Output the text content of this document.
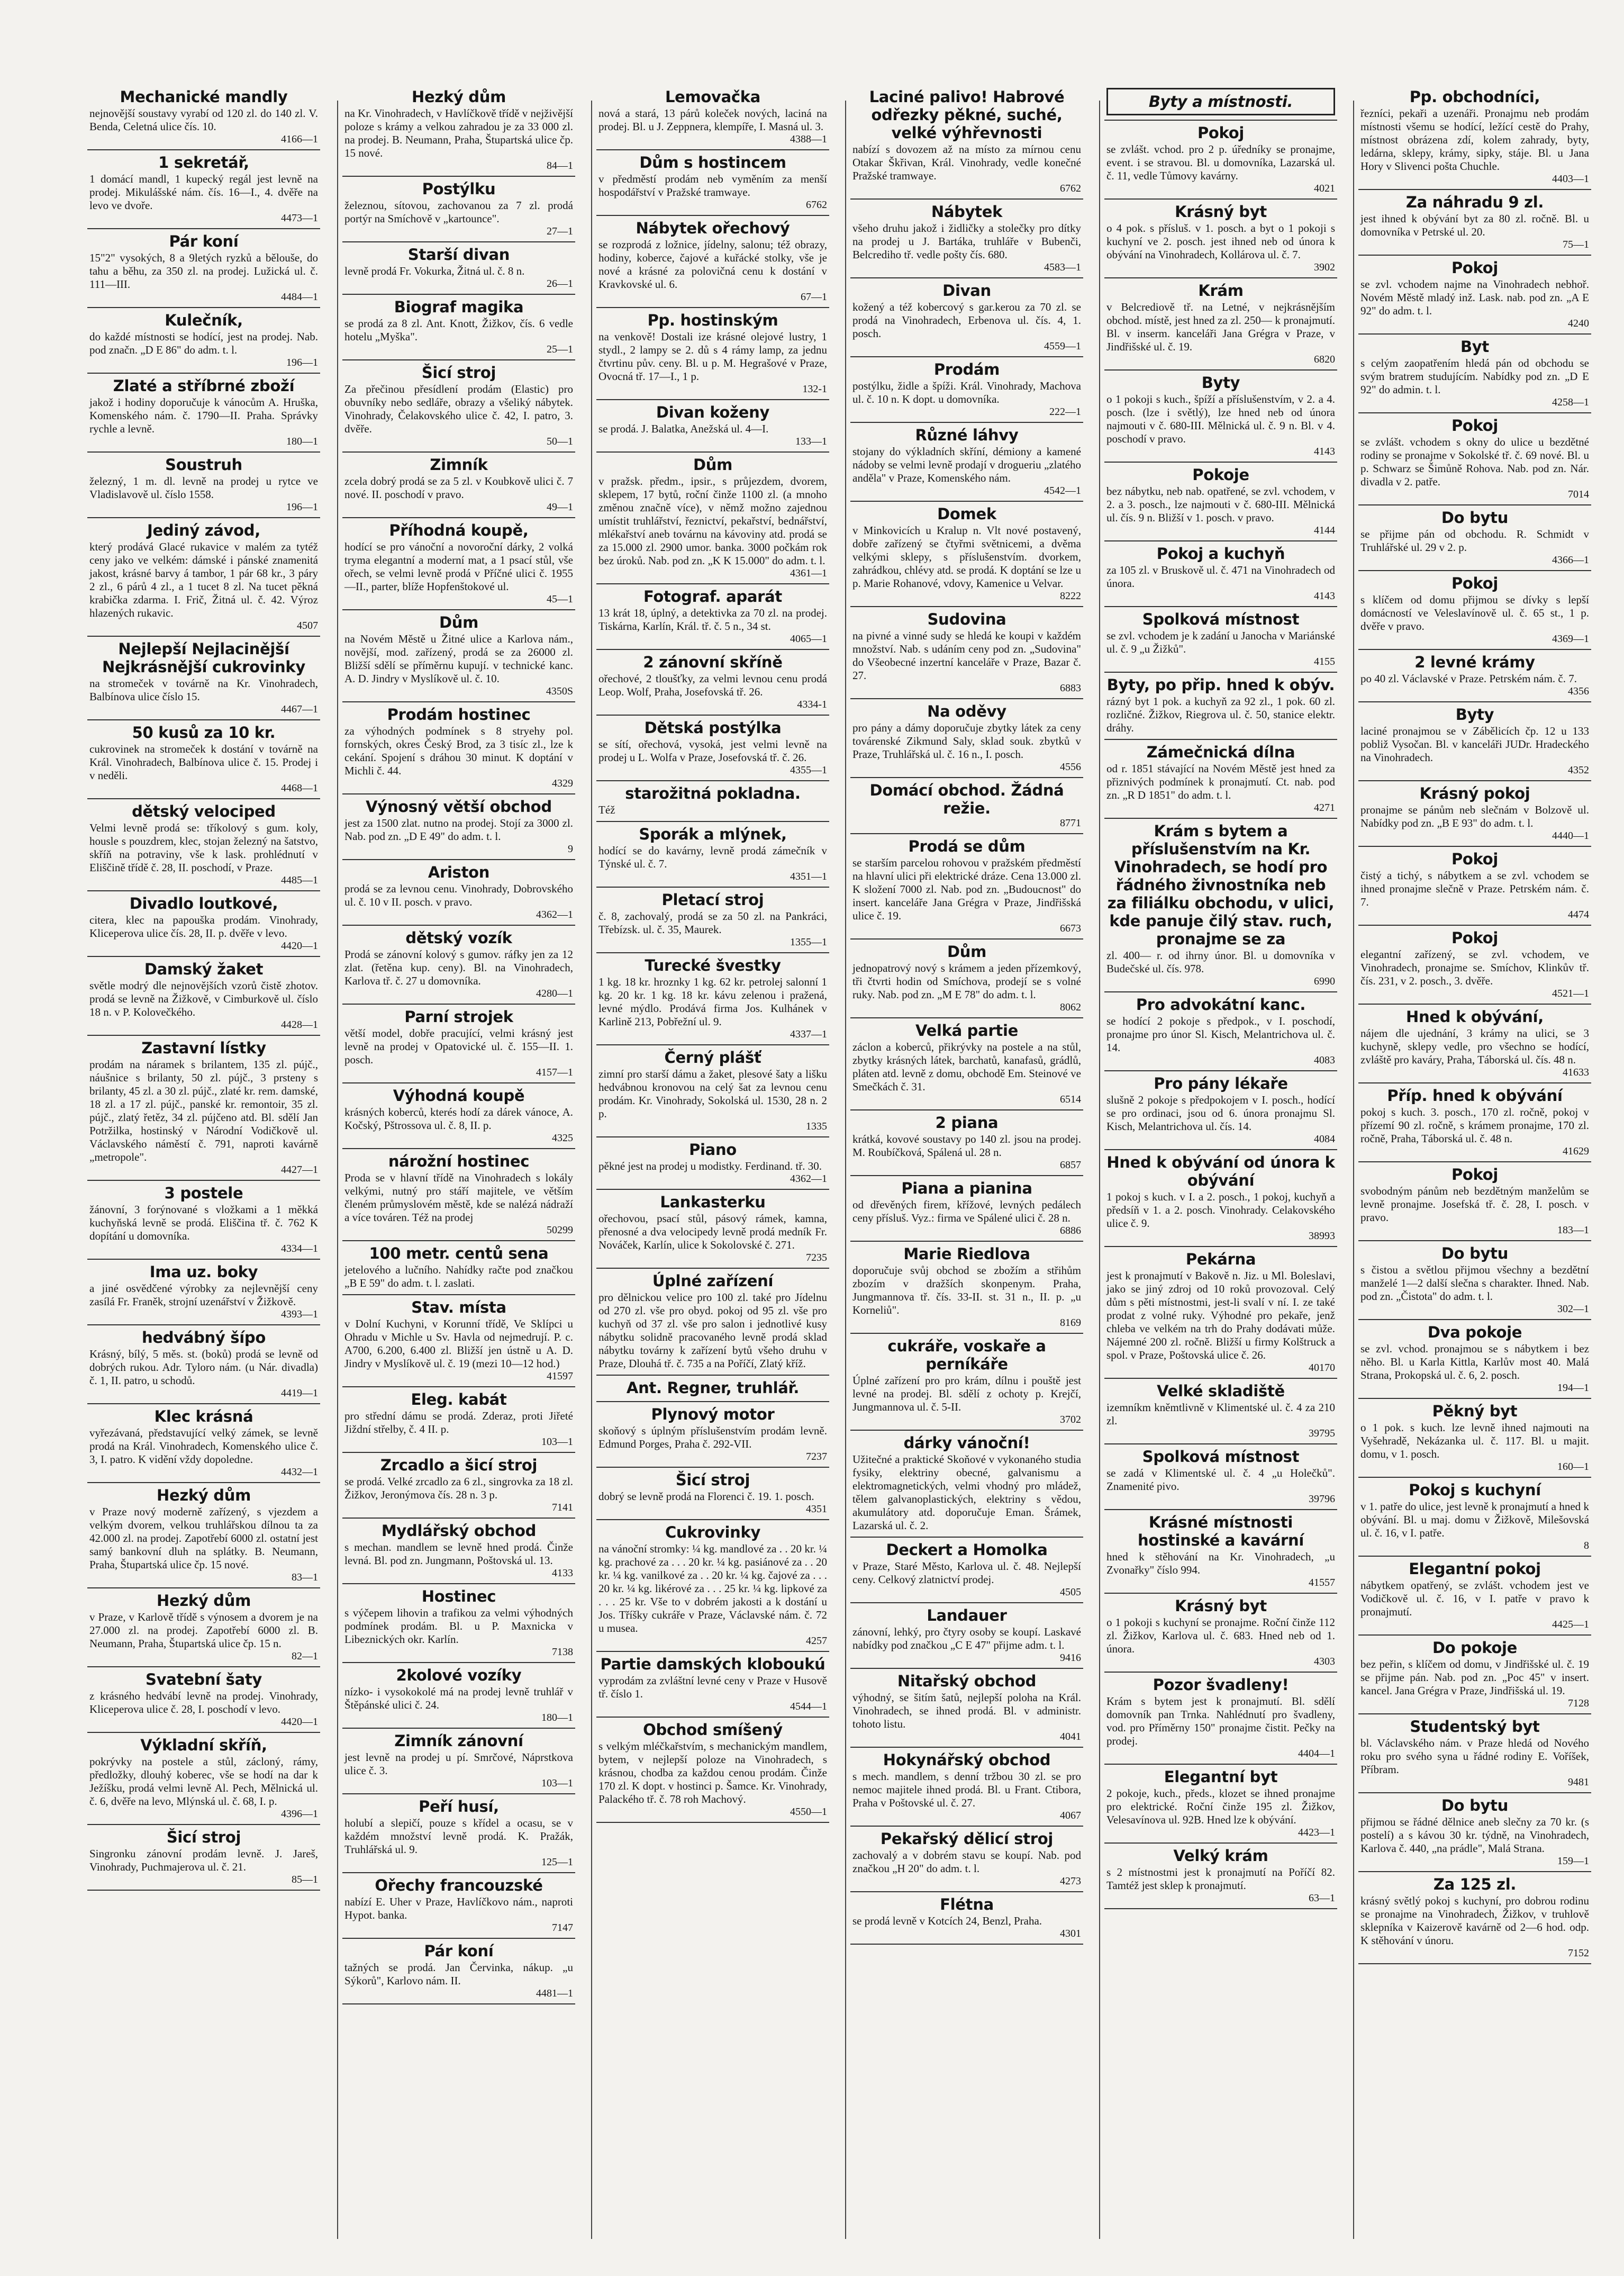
Mechanické mandly

nejnovější soustavy vyrabí od 120 zl. do 140 zl. V. Benda, Celetná ulice čís. 10.

4166—1
1 sekretář,

1 domácí mandl, 1 kupecký regál jest levně na prodej. Mikulášské nám. čís. 16—I., 4. dvěře na levo ve dvoře.

4473—1
Pár koní

15"2" vysokých, 8 a 9letých ryzků a bělouše, do tahu a běhu, za 350 zl. na prodej. Lužická ul. č. 111—III.

4484—1
Kulečník,

do každé místnosti se hodící, jest na prodej. Nab. pod značn. „D E 86" do adm. t. l.

196—1
Zlaté a stříbrné zboží

jakož i hodiny doporučuje k vánocům A. Hruška, Komenského nám. č. 1790—II. Praha. Správky rychle a levně.

180—1
Soustruh

železný, 1 m. dl. levně na prodej u rytce ve Vladislavově ul. číslo 1558.

196—1
Jediný závod,

který prodává Glacé rukavice v malém za tytéž ceny jako ve velkém: dámské i pánské znamenitá jakost, krásné barvy á tambor, 1 pár 68 kr., 3 páry 2 zl., 6 párů 4 zl., a 1 tucet 8 zl. Na tucet pěkná krabička zdarma. I. Frič, Žitná ul. č. 42. Výroz hlazených rukavic.

4507
Nejlepší Nejlacinější Nejkrásnější cukrovinky

na stromeček v továrně na Kr. Vinohradech, Balbínova ulice číslo 15.

4467—1
50 kusů za 10 kr.

cukrovinek na stromeček k dostání v továrně na Král. Vinohradech, Balbínova ulice č. 15. Prodej i v neděli.

4468—1
dětský velociped

Velmi levně prodá se: tříkolový s gum. koly, housle s pouzdrem, klec, stojan železný na šatstvo, skříň na potraviny, vše k lask. prohlédnutí v Eliščině třídě č. 28, II. poschodí, v Praze.

4485—1
Divadlo loutkové,

citera, klec na papouška prodám. Vinohrady, Kliceperova ulice čís. 28, II. p. dvěře v levo.

4420—1
Damský žaket

světle modrý dle nejnovějších vzorů čistě zhotov. prodá se levně na Žižkově, v Cimburkově ul. číslo 18 n. v P. Kolovečkého.

4428—1
Zastavní lístky

prodám na náramek s brilantem, 135 zl. pújč., náušnice s brilanty, 50 zl. pújč., 3 prsteny s brilanty, 45 zl. a 30 zl. pújč., zlaté kr. rem. damské, 18 zl. a 17 zl. pújč., panské kr. remontoir, 35 zl. pújč., zlatý řetěz, 34 zl. pújčeno atd. Bl. sdělí Jan Potržilka, hostinský v Národní Vodičkově ul. Václavského náměstí č. 791, naproti kavárně „metropole".

4427—1
3 postele

žánovní, 3 forýnované s vložkami a 1 měkká kuchyňská levně se prodá. Eliščina tř. č. 762 K dopítání u domovníka.

4334—1
Ima uz. boky

a jiné osvědčené výrobky za nejlevnější ceny zasílá Fr. Franěk, strojní uzenářství v Žižkově.

4393—1
hedvábný šípo

Krásný, bílý, 5 měs. st. (boků) prodá se levně od dobrých rukou. Adr. Tyloro nám. (u Nár. divadla) č. 1, II. patro, u schodů.

4419—1
Klec krásná

vyřezávaná, představující velký zámek, se levně prodá na Král. Vinohradech, Komenského ulice č. 3, I. patro. K vidění vždy dopoledne.

4432—1
Hezký dům

v Praze nový moderně zařízený, s vjezdem a velkým dvorem, velkou truhlářskou dílnou ta za 42.000 zl. na prodej. Zapotřebí 6000 zl. ostatní jest samý bankovní dluh na splátky. B. Neumann, Praha, Štupartská ulice čp. 15 nové.

83—1
Hezký dům

v Praze, v Karlově třídě s výnosem a dvorem je na 27.000 zl. na prodej. Zapotřebí 6000 zl. B. Neumann, Praha, Štupartská ulice čp. 15 n.

82—1
Svatební šaty

z krásného hedvábí levně na prodej. Vinohrady, Kliceperova ulice č. 28, I. poschodí v levo.

4420—1
Výkladní skříň,

pokrývky na postele a stůl, zácloný, rámy, předložky, dlouhý koberec, vše se hodí na dar k Ježíšku, prodá velmi levně Al. Pech, Mělnická ul. č. 6, dvěře na levo, Mlýnská ul. č. 68, I. p.

4396—1
Šicí stroj

Singronku zánovní prodám levně. J. Jareš, Vinohrady, Puchmajerova ul. č. 21.

85—1
Hezký dům

na Kr. Vinohradech, v Havlíčkově třídě v nejživější poloze s krámy a velkou zahradou je za 33 000 zl. na prodej. B. Neumann, Praha, Štupartská ulice čp. 15 nové.

84—1
Postýlku

železnou, sítovou, zachovanou za 7 zl. prodá portýr na Smíchově v „kartounce".

27—1
Starší divan

levně prodá Fr. Vokurka, Žitná ul. č. 8 n.

26—1
Biograf magika

se prodá za 8 zl. Ant. Knott, Žižkov, čís. 6 vedle hotelu „Myška".

25—1
Šicí stroj

Za přečinou přesídlení prodám (Elastic) pro obuvníky nebo sedláře, obrazy a všeliký nábytek. Vinohrady, Čelakovského ulice č. 42, I. patro, 3. dvěře.

50—1
Zimník

zcela dobrý prodá se za 5 zl. v Koubkově ulici č. 7 nové. II. poschodí v pravo.

49—1
Příhodná koupě,

hodící se pro vánoční a novoroční dárky, 2 volká tryma elegantní a moderní mat, a 1 psací stůl, vše ořech, se velmi levně prodá v Příčné ulici č. 1955—II., parter, blíže Hopfenštokové ul.

45—1
Dům

na Novém Městě u Žitné ulice a Karlova nám., novější, mod. zařízený, prodá se za 26000 zl. Bližší sdělí se příměrnu kupují. v technické kanc. A. D. Jindry v Myslíkově ul. č. 10.

4350S
Prodám hostinec

za výhodných podmínek s 8 stryehy pol. fornských, okres Český Brod, za 3 tisíc zl., lze k cekání. Spojení s dráhou 30 minut. K doptání v Michli č. 44.

4329
Výnosný větší obchod

jest za 1500 zlat. nutno na prodej. Stojí za 3000 zl. Nab. pod zn. „D E 49" do adm. t. l.

9
Ariston

prodá se za levnou cenu. Vinohrady, Dobrovského ul. č. 10 v II. posch. v pravo.

4362—1
dětský vozík

Prodá se zánovní kolový s gumov. ráfky jen za 12 zlat. (řetěna kup. ceny). Bl. na Vinohradech, Karlova tř. č. 27 u domovníka.

4280—1
Parní strojek

větší model, dobře pracující, velmi krásný jest levně na prodej v Opatovické ul. č. 155—II. 1. posch.

4157—1
Výhodná koupě

krásných koberců, kterés hodí za dárek vánoce, A. Kočský, Pštrossova ul. č. 8, II. p.

4325
nárožní hostinec

Proda se v hlavní třídě na Vinohradech s lokály velkými, nutný pro stáří majitele, ve větším členém průmyslovém městě, kde se nalézá nádraží a více továren. Též na prodej

50299
100 metr. centů sena

jetelového a lučního. Nahídky račte pod značkou „B E 59" do adm. t. l. zaslati.

Stav. místa

v Dolní Kuchyni, v Korunní třídě, Ve Sklípci u Ohradu v Michle u Sv. Havla od nejmedrují. P. c. A700, 6.200, 6.400 zl. Bližší jen ústně u A. D. Jindry v Myslíkově ul. č. 19 (mezi 10—12 hod.)

41597
Eleg. kabát

pro střední dámu se prodá. Zderaz, proti Jiřeté Jiždní střelby, č. 4 II. p.

103—1
Zrcadlo a šicí stroj

se prodá. Velké zrcadlo za 6 zl., singrovka za 18 zl. Žižkov, Jeronýmova čís. 28 n. 3 p.

7141
Mydlářský obchod

s mechan. mandlem se levně hned prodá. Činže levná. Bl. pod zn. Jungmann, Poštovská ul. 13.

4133
Hostinec

s výčepem lihovin a trafikou za velmi výhodných podmínek prodám. Bl. u P. Maxnicka v Libeznických okr. Karlín.

7138
2kolové vozíky

nízko- i vysokokolé má na prodej levně truhlář v Štěpánské ulici č. 24.

180—1
Zimník zánovní

jest levně na prodej u pí. Smrčové, Náprstkova ulice č. 3.

103—1
Peří husí,

holubí a slepičí, pouze s křídel a ocasu, se v každém množství levně prodá. K. Pražák, Truhlářská ul. 9.

125—1
Ořechy francouzské

nabízí E. Uher v Praze, Havlíčkovo nám., naproti Hypot. banka.

7147
Pár koní

tažných se prodá. Jan Červinka, nákup. „u Sýkorů", Karlovo nám. II.

4481—1
Lemovačka

nová a stará, 13 párů koleček nových, laciná na prodej. Bl. u J. Zeppnera, klempíře, I. Masná ul. 3.

4388—1
Dům s hostincem

v předměstí prodám neb vyměním za menší hospodářství v Pražské tramwaye.

6762
Nábytek ořechový

se rozprodá z ložnice, jídelny, salonu; též obrazy, hodiny, koberce, čajové a kuřácké stolky, vše je nové a krásné za polovičná cenu k dostání v Kravkovské ul. 6.

67—1
Pp. hostinským

na venkově! Dostali ize krásné olejové lustry, 1 stydl., 2 lampy se 2. dů s 4 rámy lamp, za jednu čtvrtinu pův. ceny. Bl. u p. M. Hegrašové v Praze, Ovocná tř. 17—I., 1 p.

132-1
Divan koženy

se prodá. J. Balatka, Anežská ul. 4—I.

133—1
Dům

v pražsk. předm., ipsir., s průjezdem, dvorem, sklepem, 17 bytů, roční činže 1100 zl. (a mnoho změnou značně více), v němž možno zajednou umístit truhlářství, řeznictví, pekařství, bednářství, mlékařství aneb továrnu na kávoviny atd. prodá se za 15.000 zl. 2900 umor. banka. 3000 počkám rok bez úroků. Nab. pod zn. „K K 15.000" do adm. t. l.

4361—1
Fotograf. aparát

13 krát 18, úplný, a detektivka za 70 zl. na prodej. Tiskárna, Karlín, Král. tř. č. 5 n., 34 st.

4065—1
2 zánovní skříně

ořechové, 2 tloušťky, za velmi levnou cenu prodá Leop. Wolf, Praha, Josefovská tř. 26.

4334-1
Dětská postýlka

se sítí, ořechová, vysoká, jest velmi levně na prodej u L. Wolfa v Praze, Josefovská tř. č. 26.

4355—1
starožitná pokladna.

Též

Sporák a mlýnek,

hodící se do kavárny, levně prodá zámečník v Týnské ul. č. 7.

4351—1
Pletací stroj

č. 8, zachovalý, prodá se za 50 zl. na Pankráci, Třebízsk. ul. č. 35, Maurek.

1355—1
Turecké švestky

1 kg. 18 kr. hroznky 1 kg. 62 kr. petrolej salonní 1 kg. 20 kr. 1 kg. 18 kr. kávu zelenou i pražená, levné mýdlo. Prodává firma Jos. Kulhánek v Karlině 213, Pobřežní ul. 9.

4337—1
Černý plášť

zimní pro starší dámu a žaket, plesové šaty a lišku hedvábnou kronovou na celý šat za levnou cenu prodám. Kr. Vinohrady, Sokolská ul. 1530, 28 n. 2 p.

1335
Piano

pěkné jest na prodej u modistky. Ferdinand. tř. 30.

4362—1
Lankasterku

ořechovou, psací stůl, pásový rámek, kamna, přenosné a dva velocipedy levně prodá medník Fr. Nováček, Karlín, ulice k Sokolovské č. 271.

7235
Úplné zařízení

pro dělnickou velice pro 100 zl. také pro Jídelnu od 270 zl. vše pro obyd. pokoj od 95 zl. vše pro kuchyň od 37 zl. vše pro salon i jednotlivé kusy nábytku solidně pracovaného levně prodá sklad nábytku továrny k zařízení bytů všeho druhu v Praze, Dlouhá tř. č. 735 a na Poříčí, Zlatý kříž.

Ant. Regner, truhlář.
Plynový motor

skoňový s úplným příslušenstvím prodám levně. Edmund Porges, Praha č. 292-VII.

7237
Šicí stroj

dobrý se levně prodá na Florenci č. 19. 1. posch.

4351
Cukrovinky

na vánoční stromky: ¼ kg. mandlové za . . 20 kr. ¼ kg. prachové za . . . 20 kr. ¼ kg. pasiánové za . . 20 kr. ¼ kg. vanilkové za . . 20 kr. ¼ kg. čajové za . . . 20 kr. ¼ kg. likérové za . . . 25 kr. ¼ kg. lipkové za . . . 25 kr. Vše to v dobrém jakosti a k dostání u Jos. Tříšky cukráře v Praze, Václavské nám. č. 72 u musea.

4257
Partie damských kloboukú

vyprodám za zvláštní levné ceny v Praze v Husově tř. číslo 1.

4544—1
Obchod smíšený

s velkým mléčkařstvím, s mechanickým mandlem, bytem, v nejlepší poloze na Vinohradech, s krásnou, chodba za každou cenou prodám. Činže 170 zl. K dopt. v hostinci p. Šamce. Kr. Vinohrady, Palackého tř. č. 78 roh Machový.

4550—1
Laciné palivo! Habrové odřezky pěkné, suché, velké výhřevnosti

nabízí s dovozem až na místo za mírnou cenu Otakar Škřivan, Král. Vinohrady, vedle konečné Pražské tramwaye.

6762
Nábytek

všeho druhu jakož i židličky a stolečky pro dítky na prodej u J. Bartáka, truhláře v Bubenči, Belcrediho tř. vedle pošty čís. 680.

4583—1
Divan

kožený a též kobercový s gar.kerou za 70 zl. se prodá na Vinohradech, Erbenova ul. čís. 4, 1. posch.

4559—1
Prodám

postýlku, židle a špíži. Král. Vinohrady, Machova ul. č. 10 n. K dopt. u domovníka.

222—1
Různé láhvy

stojany do výkladních skříní, démiony a kamené nádoby se velmi levně prodají v drogueriu „zlatého anděla" v Praze, Komenského nám.

4542—1
Domek

v Minkovicích u Kralup n. Vlt nové postavený, dobře zařízený se čtyřmi světnicemi, a dvěma velkými sklepy, s příslušenstvím. dvorkem, zahrádkou, chlévy atd. se prodá. K doptání se lze u p. Marie Rohanové, vdovy, Kamenice u Velvar.

8222
Sudovina

na pivné a vinné sudy se hledá ke koupi v každém množství. Nab. s udáním ceny pod zn. „Sudovina" do Všeobecné inzertní kanceláře v Praze, Bazar č. 27.

6883
Na oděvy

pro pány a dámy doporučuje zbytky látek za ceny továrenské Zikmund Saly, sklad souk. zbytků v Praze, Truhlářská ul. č. 16 n., I. posch.

4556
Domácí obchod. Žádná režie.
8771
Prodá se dům

se starším parcelou rohovou v pražském předměstí na hlavní ulici při elektrické dráze. Cena 13.000 zl. K složení 7000 zl. Nab. pod zn. „Budoucnost" do insert. kanceláře Jana Grégra v Praze, Jindřišská ulice č. 19.

6673
Dům

jednopatrový nový s krámem a jeden přízemkový, tři čtvrti hodin od Smíchova, prodejí se s volné ruky. Nab. pod zn. „M E 78" do adm. t. l.

8062
Velká partie

záclon a koberců, přikrývky na postele a na stůl, zbytky krásných látek, barchatů, kanafasů, grádlů, pláten atd. levně z domu, obchodě Em. Steinové ve Smečkách č. 31.

6514
2 piana

krátká, kovové soustavy po 140 zl. jsou na prodej. M. Roubíčková, Spálená ul. 28 n.

6857
Piana a pianina

od dřevěných firem, křížové, levných pedálech ceny přísluš. Vyz.: firma ve Spálené ulici č. 28 n.

6886
Marie Riedlova

doporučuje svůj obchod se zbožím a střihům zbozím v dražších skonpenym. Praha, Jungmannova tř. čís. 33-II. st. 31 n., II. p. „u Korneliů".

8169
cukráře, voskaře a perníkáře

Úplné zařízení pro pro krám, dílnu i pouště jest levné na prodej. Bl. sdělí z ochoty p. Krejčí, Jungmannova ul. č. 5-II.

3702
dárky vánoční!

Užitečné a praktické Skoňové v vykonaného studia fysiky, elektriny obecné, galvanismu a elektromagnetických, velmi vhodný pro mládež, tělem galvanoplastických, elektriny s vědou, akumulátory atd. doporučuje Eman. Šrámek, Lazarská ul. č. 2.

Deckert a Homolka

v Praze, Staré Město, Karlova ul. č. 48. Nejlepší ceny. Celkový zlatnictví prodej.

4505
Landauer

zánovní, lehký, pro čtyry osoby se koupí. Laskavé nabídky pod značkou „C E 47" přijme adm. t. l.

9416
Nitařský obchod

výhodný, se šitím šatů, nejlepší poloha na Král. Vinohradech, se ihned prodá. Bl. v administr. tohoto listu.

4041
Hokynářský obchod

s mech. mandlem, s denní tržbou 30 zl. se pro nemoc majitele ihned prodá. Bl. u Frant. Ctibora, Praha v Poštovské ul. č. 27.

4067
Pekařský dělicí stroj

zachovalý a v dobrém stavu se koupí. Nab. pod značkou „H 20" do adm. t. l.

4273
Flétna

se prodá levně v Kotcích 24, Benzl, Praha.

4301
Byty a místnosti.
Pokoj

se zvlášt. vchod. pro 2 p. úředníky se pronajme, event. i se stravou. Bl. u domovníka, Lazarská ul. č. 11, vedle Tůmovy kavárny.

4021
Krásný byt

o 4 pok. s přísluš. v 1. posch. a byt o 1 pokoji s kuchyní ve 2. posch. jest ihned neb od února k obývání na Vinohradech, Kollárova ul. č. 7.

3902
Krám

v Belcrediově tř. na Letné, v nejkrásnějším obchod. místě, jest hned za zl. 250— k pronajmutí. Bl. v inserm. kanceláři Jana Grégra v Praze, v Jindřišské ul. č. 19.

6820
Byty

o 1 pokoji s kuch., špíží a příslušenstvím, v 2. a 4. posch. (lze i světlý), lze hned neb od února najmouti v č. 680-III. Mělnická ul. č. 9 n. Bl. v 4. poschodí v pravo.

4143
Pokoje

bez nábytku, neb nab. opatřené, se zvl. vchodem, v 2. a 3. posch., lze najmouti v č. 680-III. Mělnická ul. čís. 9 n. Bližší v 1. posch. v pravo.

4144
Pokoj a kuchyň

za 105 zl. v Bruskově ul. č. 471 na Vinohradech od února.

4143
Spolková místnost

se zvl. vchodem je k zadání u Janocha v Mariánské ul. č. 9 „u Žižků".

4155
Byty, po přip. hned k obýv.

rázný byt 1 pok. a kuchyň za 92 zl., 1 pok. 60 zl. rozličné. Žižkov, Riegrova ul. č. 50, stanice elektr. dráhy.

Zámečnická dílna

od r. 1851 stávající na Novém Městě jest hned za přiznivých podmínek k pronajmutí. Ct. nab. pod zn. „R D 1851" do adm. t. l.

4271
Krám s bytem a příslušenstvím na Kr. Vinohradech, se hodí pro řádného živnostníka neb za filiálku obchodu, v ulici, kde panuje čilý stav. ruch, pronajme se za

zl. 400— r. od ihrny únor. Bl. u domovníka v Budečské ul. čís. 978.

6990
Pro advokátní kanc.

se hodící 2 pokoje s předpok., v I. poschodí, pronajme pro únor Sl. Kisch, Melantrichova ul. č. 14.

4083
Pro pány lékaře

slušně 2 pokoje s předpokojem v I. posch., hodící se pro ordinaci, jsou od 6. února pronajmu Sl. Kisch, Melantrichova ul. čís. 14.

4084
Hned k obývání od února k obývání

1 pokoj s kuch. v I. a 2. posch., 1 pokoj, kuchyň a předsíň v 1. a 2. posch. Vinohrady. Celakovského ulice č. 9.

38993
Pekárna

jest k pronajmutí v Bakově n. Jiz. u Ml. Boleslavi, jako se jiný zdroj od 10 roků provozoval. Celý dům s pěti místnostmi, jest-li svalí v ní. I. ze také prodat z volné ruky. Výhodné pro pekaře, jenž chleba ve velkém na trh do Prahy dodávati může. Nájemné 200 zl. ročně. Bližší u firmy Kolštruck a spol. v Praze, Poštovská ulice č. 26.

40170
Velké skladiště

izemníkm kněmtlivně v Klimentské ul. č. 4 za 210 zl.

39795
Spolková místnost

se zadá v Klimentské ul. č. 4 „u Holečků". Znamenité pivo.

39796
Krásné místnosti hostinské a kavární

hned k stěhování na Kr. Vinohradech, „u Zvonařky" číslo 994.

41557
Krásný byt

o 1 pokoji s kuchyní se pronajme. Roční činže 112 zl. Žižkov, Karlova ul. č. 683. Hned neb od 1. února.

4303
Pozor švadleny!

Krám s bytem jest k pronajmutí. Bl. sdělí domovník pan Trnka. Nahlédnutí pro švadleny, vod. pro Příměrny 150" pronajme čistit. Pečky na prodej.

4404—1
Elegantní byt

2 pokoje, kuch., předs., klozet se ihned pronajme pro elektrické. Roční činže 195 zl. Žižkov, Velesavínova ul. 92B. Hned lze k obývání.

4423—1
Velký krám

s 2 místnostmi jest k pronajmutí na Poříčí 82. Tamtéž jest sklep k pronajmutí.

63—1
Pp. obchodníci,

řezníci, pekaři a uzenáři. Pronajmu neb prodám místnosti všemu se hodící, ležící cestě do Prahy, místnost obrázena zdí, kolem zahrady, byty, ledárna, sklepy, krámy, sipky, stáje. Bl. u Jana Hory v Slivenci pošta Chuchle.

4403—1
Za náhradu 9 zl.

jest ihned k obývání byt za 80 zl. ročně. Bl. u domovníka v Petrské ul. 20.

75—1
Pokoj

se zvl. vchodem najme na Vinohradech nebhoř. Novém Městě mladý inž. Lask. nab. pod zn. „A E 92" do adm. t. l.

4240
Byt

s celým zaopatřením hledá pán od obchodu se svým bratrem studujícím. Nabídky pod zn. „D E 92" do admin. t. l.

4258—1
Pokoj

se zvlášt. vchodem s okny do ulice u bezdětné rodiny se pronajme v Sokolské tř. č. 69 nové. Bl. u p. Schwarz se Šimůně Rohova. Nab. pod zn. Nár. divadla v 2. patře.

7014
Do bytu

se přijme pán od obchodu. R. Schmidt v Truhlářské ul. 29 v 2. p.

4366—1
Pokoj

s klíčem od domu přijmou se dívky s lepší domácností ve Veleslavínově ul. č. 65 st., 1 p. dvěře v pravo.

4369—1
2 levné krámy

po 40 zl. Václavské v Praze. Petrském nám. č. 7.

4356
Byty

laciné pronajmou se v Zábělicích čp. 12 u 133 pobliž Vysočan. Bl. v kanceláři JUDr. Hradeckého na Vinohradech.

4352
Krásný pokoj

pronajme se pánům neb slečnám v Bolzově ul. Nabídky pod zn. „B E 93" do adm. t. l.

4440—1
Pokoj

čistý a tichý, s nábytkem a se zvl. vchodem se ihned pronajme slečně v Praze. Petrském nám. č. 7.

4474
Pokoj

elegantní zařízený, se zvl. vchodem, ve Vinohradech, pronajme se. Smíchov, Klinkův tř. čís. 231, v 2. posch., 3. dvěře.

4521—1
Hned k obývání,

nájem dle ujednání, 3 krámy na ulici, se 3 kuchyně, sklepy vedle, pro všechno se hodící, zvláště pro kaváry, Praha, Táborská ul. čís. 48 n.

41633
Příp. hned k obývání

pokoj s kuch. 3. posch., 170 zl. ročně, pokoj v přízemí 90 zl. ročně, s krámem pronajme, 170 zl. ročně, Praha, Táborská ul. č. 48 n.

41629
Pokoj

svobodným pánům neb bezdětným manželům se levně pronajme. Josefská tř. č. 28, I. posch. v pravo.

183—1
Do bytu

s čistou a světlou přijmou všechny a bezdětní manželé 1—2 další slečna s charakter. Ihned. Nab. pod zn. „Čistota" do adm. t. l.

302—1
Dva pokoje

se zvl. vchod. pronajmou se s nábytkem i bez něho. Bl. u Karla Kittla, Karlův most 40. Malá Strana, Prokopská ul. č. 6, 2. posch.

194—1
Pěkný byt

o 1 pok. s kuch. lze levně ihned najmouti na Vyšehradě, Nekázanka ul. č. 117. Bl. u majit. domu, v 1. posch.

160—1
Pokoj s kuchyní

v 1. patře do ulice, jest levně k pronajmutí a hned k obývání. Bl. u maj. domu v Žižkově, Milešovská ul. č. 16, v I. patře.

8
Elegantní pokoj

nábytkem opatřený, se zvlášt. vchodem jest ve Vodičkově ul. č. 16, v I. patře v pravo k pronajmutí.

4425—1
Do pokoje

bez peřin, s klíčem od domu, v Jindřišské ul. č. 19 se přijme pán. Nab. pod zn. „Poc 45" v insert. kancel. Jana Grégra v Praze, Jindřišská ul. 19.

7128
Studentský byt

bl. Václavského nám. v Praze hledá od Nového roku pro svého syna u řádné rodiny E. Voříšek, Příbram.

9481
Do bytu

přijmou se řádné dělnice aneb slečny za 70 kr. (s postelí) a s kávou 30 kr. týdně, na Vinohradech, Karlova č. 440, „na prádle", Malá Strana.

159—1
Za 125 zl.

krásný světlý pokoj s kuchyní, pro dobrou rodinu se pronajme na Vinohradech, Žižkov, v truhlově sklepníka v Kaizerově kavárně od 2—6 hod. odp. K stěhování v únoru.

7152
